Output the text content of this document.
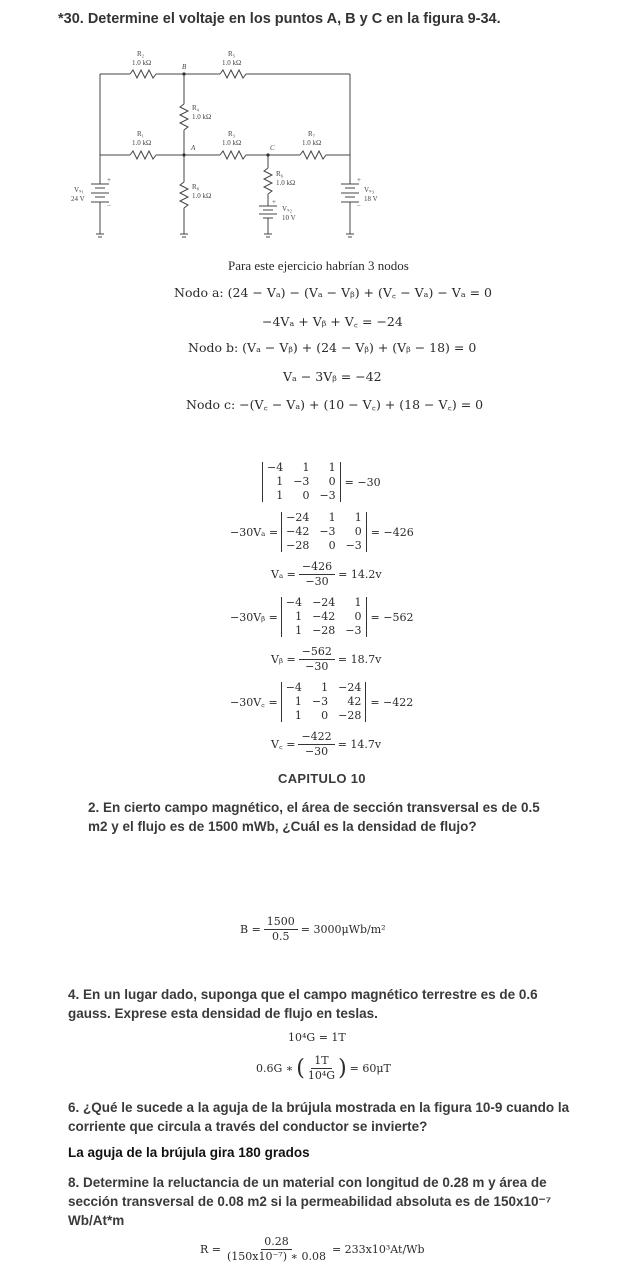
*30. Determine el voltaje en los puntos A, B y C en la figura 9-34.
R₂
1.0 kΩ
R₅
1.0 kΩ
B
R₄
1.0 kΩ
R₁
1.0 kΩ
A
R₃
1.0 kΩ
C
R₇
1.0 kΩ
R₈
1.0 kΩ
R₆
1.0 kΩ
Vₛ₁
24 V
+
−	Vₛ₂
10 V
+
Vₛ₃
18 V
+
−
Para este ejercicio habrían 3 nodos
Nodo a:
(24 − Vₐ) − (Vₐ − Vᵦ) + (V꜀ − Vₐ) − Vₐ = 0
−4Vₐ + Vᵦ + V꜀ = −24
Nodo b:
(Vₐ − Vᵦ) + (24 − Vᵦ) + (Vᵦ − 18) = 0
Vₐ − 3Vᵦ = −42
Nodo c:
−(V꜀ − Vₐ) + (10 − V꜀) + (18 − V꜀) = 0
−4	1	1
1 −3	0
1	0 −3
= −30
−30Vₐ =
−24	1	1
−42 −3	0
−28	0 −3
= −426
$V_a = \frac{-426}{-30} = 14.2v$
−30Vᵦ =
−4 −24	1
1 −42	0
1 −28 −3
= −562
Vᵦ = $\frac{-562}{-30} = 18.7v$
−30V꜀ =
−4	1 −24
1 −3	42
1	0 −28
= −422
V꜀ = $\frac{-422}{-30} = 14.7v$
CAPITULO 10
2. En cierto campo magnético, el área de sección transversal es de 0.5 m2 y el flujo es de 1500 mWb, ¿Cuál es la densidad de flujo?
$B = \frac{1500}{0.5} = 3000\mu Wb/m^2$
4. En un lugar dado, suponga que el campo magnético terrestre es de 0.6 gauss. Exprese esta densidad de flujo en teslas.
10⁴G = 1T
0.6G ∗ ( $\frac{1T}{\text{10⁴G}}$ ) = 60μT
6. ¿Qué le sucede a la aguja de la brújula mostrada en la figura 10-9 cuando la corriente que circula a través del conductor se invierte?
La aguja de la brújula gira 180 grados
8. Determine la reluctancia de un material con longitud de 0.28 m y área de sección transversal de 0.08 m2 si la permeabilidad absoluta es de 150x10⁻⁷ Wb/At*m
$R = \frac{0.28}{\text{(150x10⁻⁷) ∗ 0.08}} = 233x10^3At/Wb$
